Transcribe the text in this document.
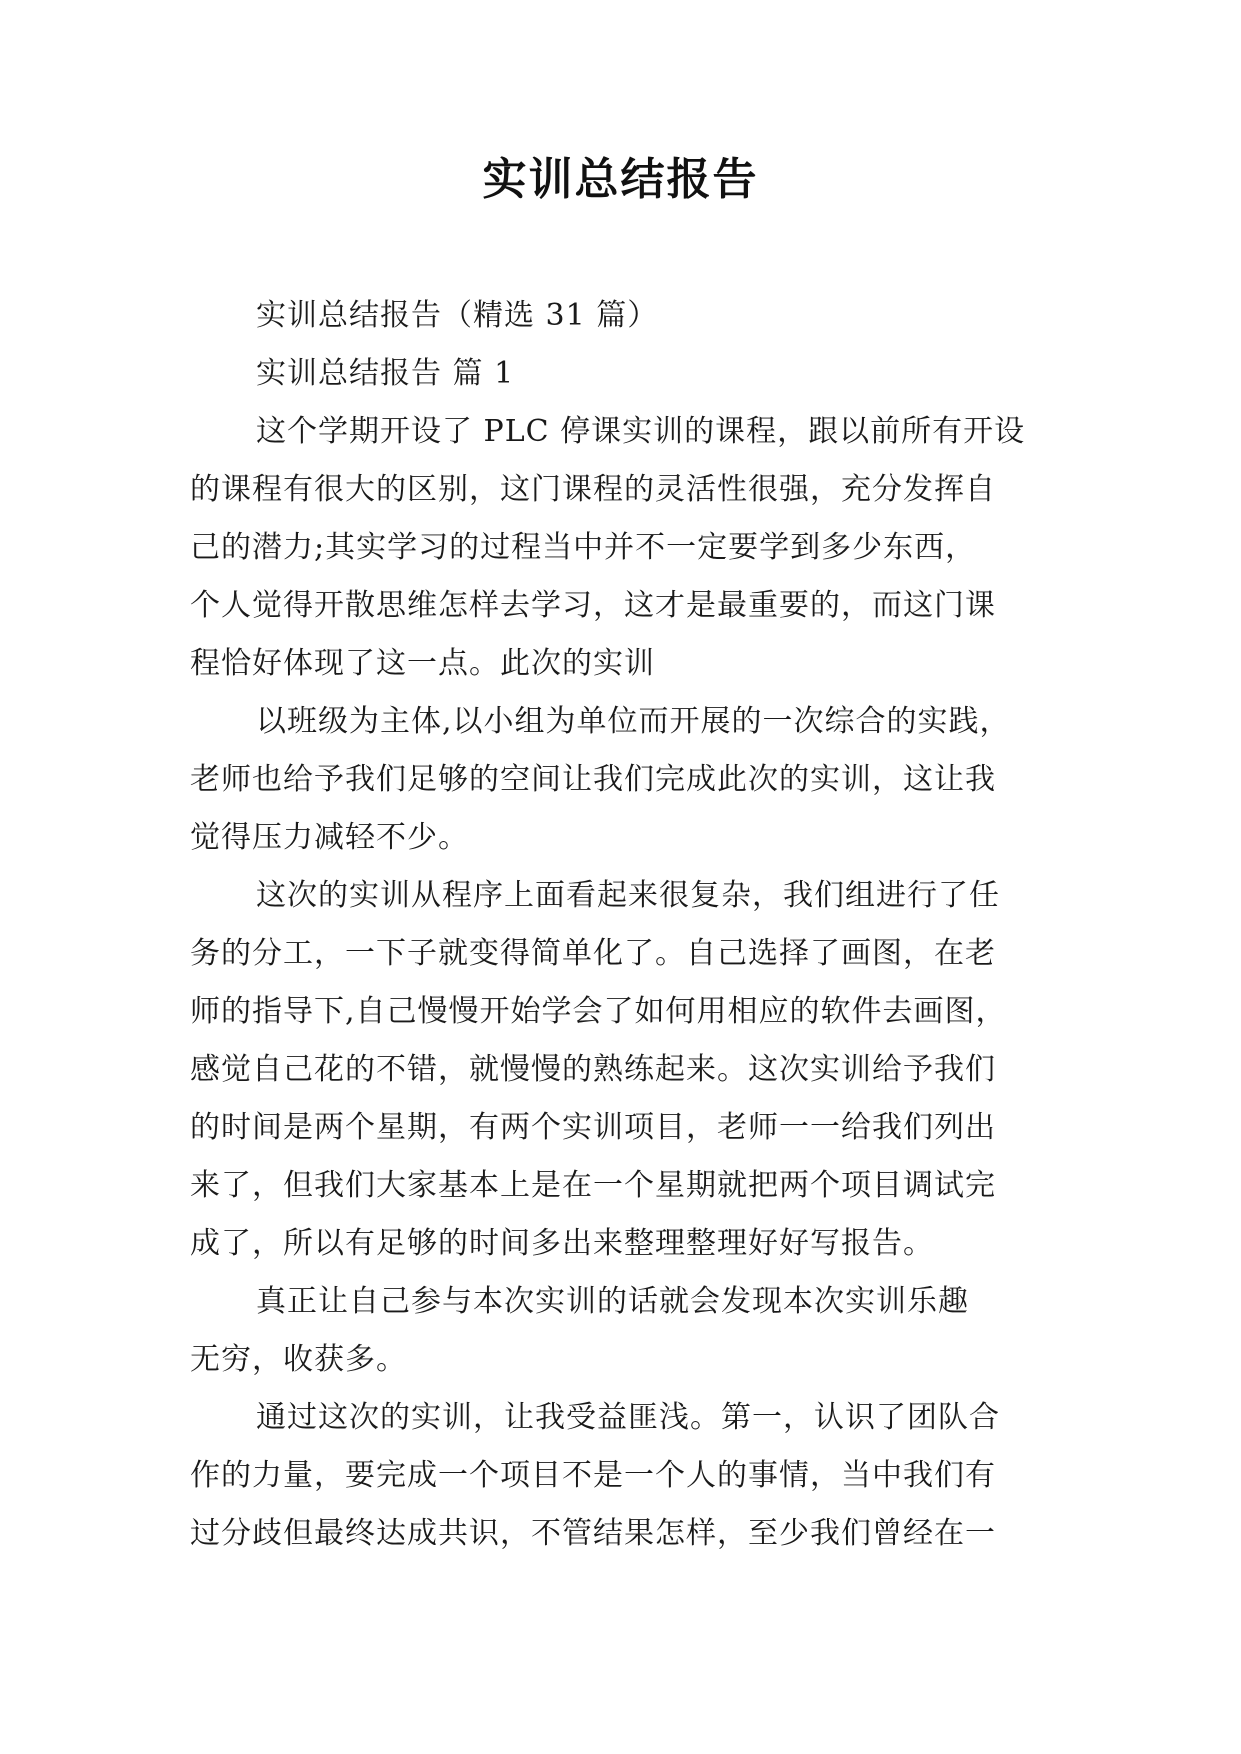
实训总结报告
实训总结报告（精选 31 篇）
实训总结报告 篇 1
这个学期开设了 PLC 停课实训的课程，跟以前所有开设
的课程有很大的区别，这门课程的灵活性很强，充分发挥自
己的潜力;其实学习的过程当中并不一定要学到多少东西，
个人觉得开散思维怎样去学习，这才是最重要的，而这门课
程恰好体现了这一点。此次的实训
以班级为主体,以小组为单位而开展的一次综合的实践，
老师也给予我们足够的空间让我们完成此次的实训，这让我
觉得压力减轻不少。
这次的实训从程序上面看起来很复杂，我们组进行了任
务的分工，一下子就变得简单化了。自己选择了画图，在老
师的指导下,自己慢慢开始学会了如何用相应的软件去画图，
感觉自己花的不错，就慢慢的熟练起来。这次实训给予我们
的时间是两个星期，有两个实训项目，老师一一给我们列出
来了，但我们大家基本上是在一个星期就把两个项目调试完
成了，所以有足够的时间多出来整理整理好好写报告。
真正让自己参与本次实训的话就会发现本次实训乐趣
无穷，收获多。
通过这次的实训，让我受益匪浅。第一，认识了团队合
作的力量，要完成一个项目不是一个人的事情，当中我们有
过分歧但最终达成共识，不管结果怎样，至少我们曾经在一
